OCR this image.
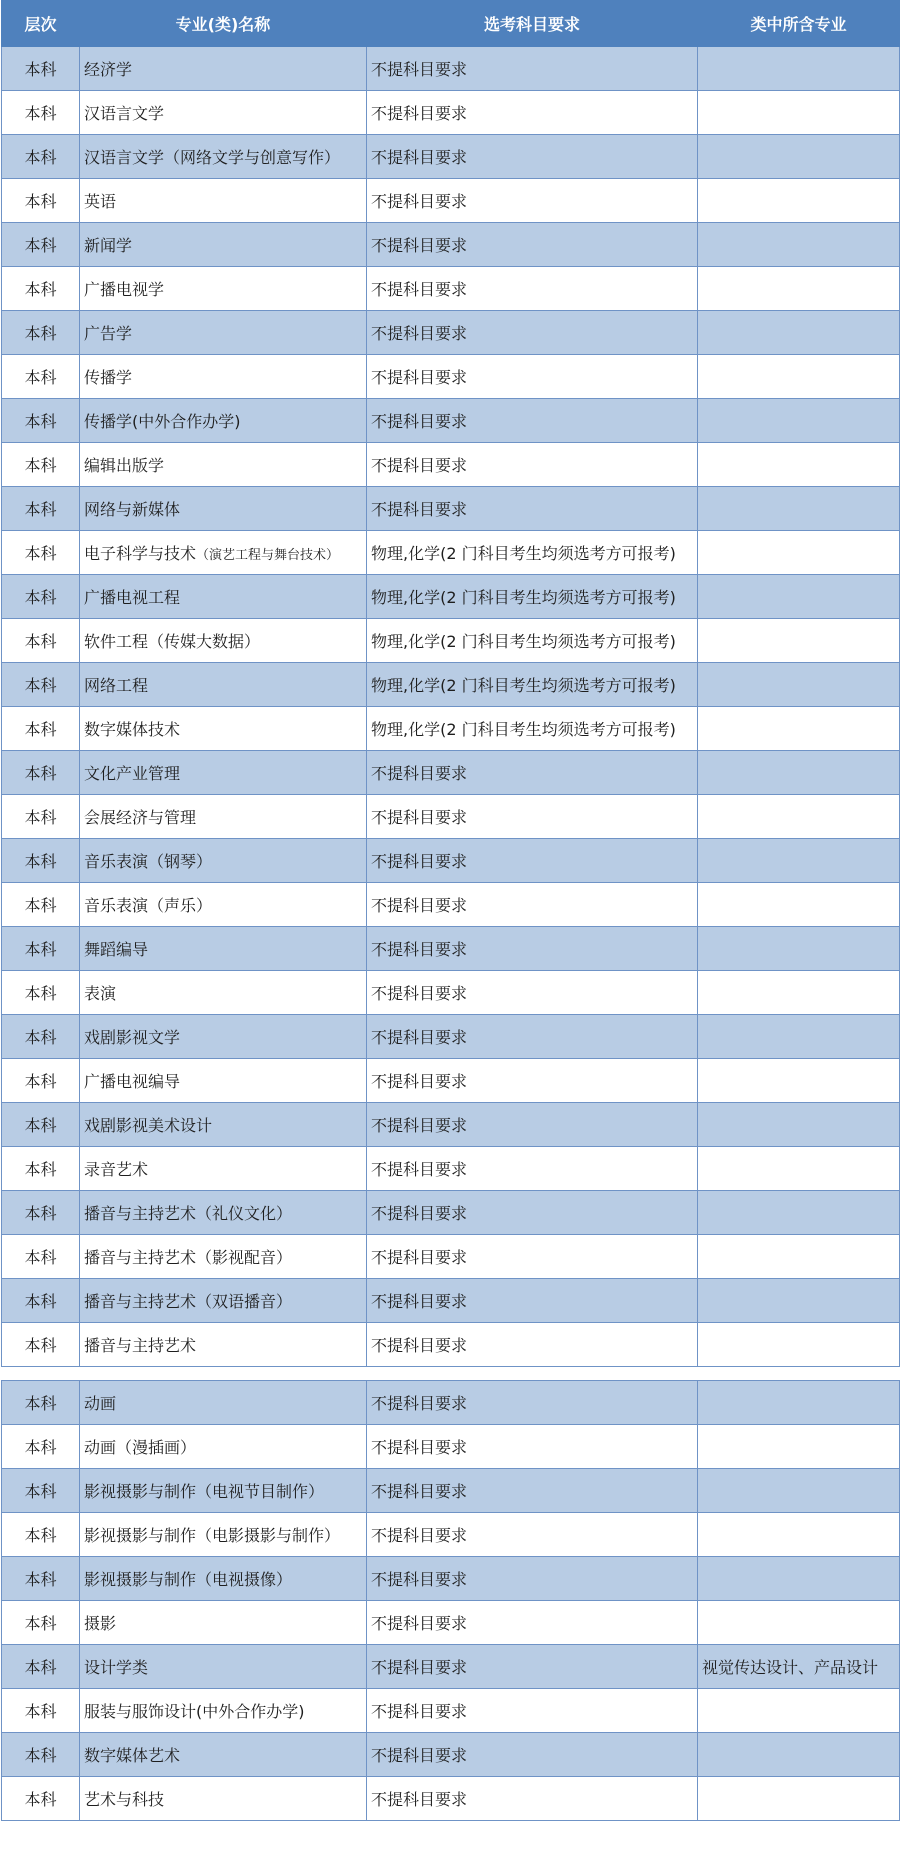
层次	专业(类)名称	选考科目要求	类中所含专业
本科	经济学	不提科目要求	
本科	汉语言文学	不提科目要求	
本科	汉语言文学（网络文学与创意写作）	不提科目要求	
本科	英语	不提科目要求	
本科	新闻学	不提科目要求	
本科	广播电视学	不提科目要求	
本科	广告学	不提科目要求	
本科	传播学	不提科目要求	
本科	传播学(中外合作办学)	不提科目要求	
本科	编辑出版学	不提科目要求	
本科	网络与新媒体	不提科目要求	
本科	电子科学与技术（演艺工程与舞台技术）	物理,化学(2 门科目考生均须选考方可报考)	
本科	广播电视工程	物理,化学(2 门科目考生均须选考方可报考)	
本科	软件工程（传媒大数据）	物理,化学(2 门科目考生均须选考方可报考)	
本科	网络工程	物理,化学(2 门科目考生均须选考方可报考)	
本科	数字媒体技术	物理,化学(2 门科目考生均须选考方可报考)	
本科	文化产业管理	不提科目要求	
本科	会展经济与管理	不提科目要求	
本科	音乐表演（钢琴）	不提科目要求	
本科	音乐表演（声乐）	不提科目要求	
本科	舞蹈编导	不提科目要求	
本科	表演	不提科目要求	
本科	戏剧影视文学	不提科目要求	
本科	广播电视编导	不提科目要求	
本科	戏剧影视美术设计	不提科目要求	
本科	录音艺术	不提科目要求	
本科	播音与主持艺术（礼仪文化）	不提科目要求	
本科	播音与主持艺术（影视配音）	不提科目要求	
本科	播音与主持艺术（双语播音）	不提科目要求	
本科	播音与主持艺术	不提科目要求	

本科	动画	不提科目要求	
本科	动画（漫插画）	不提科目要求	
本科	影视摄影与制作（电视节目制作）	不提科目要求	
本科	影视摄影与制作（电影摄影与制作）	不提科目要求	
本科	影视摄影与制作（电视摄像）	不提科目要求	
本科	摄影	不提科目要求	
本科	设计学类	不提科目要求	视觉传达设计、产品设计
本科	服装与服饰设计(中外合作办学)	不提科目要求	
本科	数字媒体艺术	不提科目要求	
本科	艺术与科技	不提科目要求	
